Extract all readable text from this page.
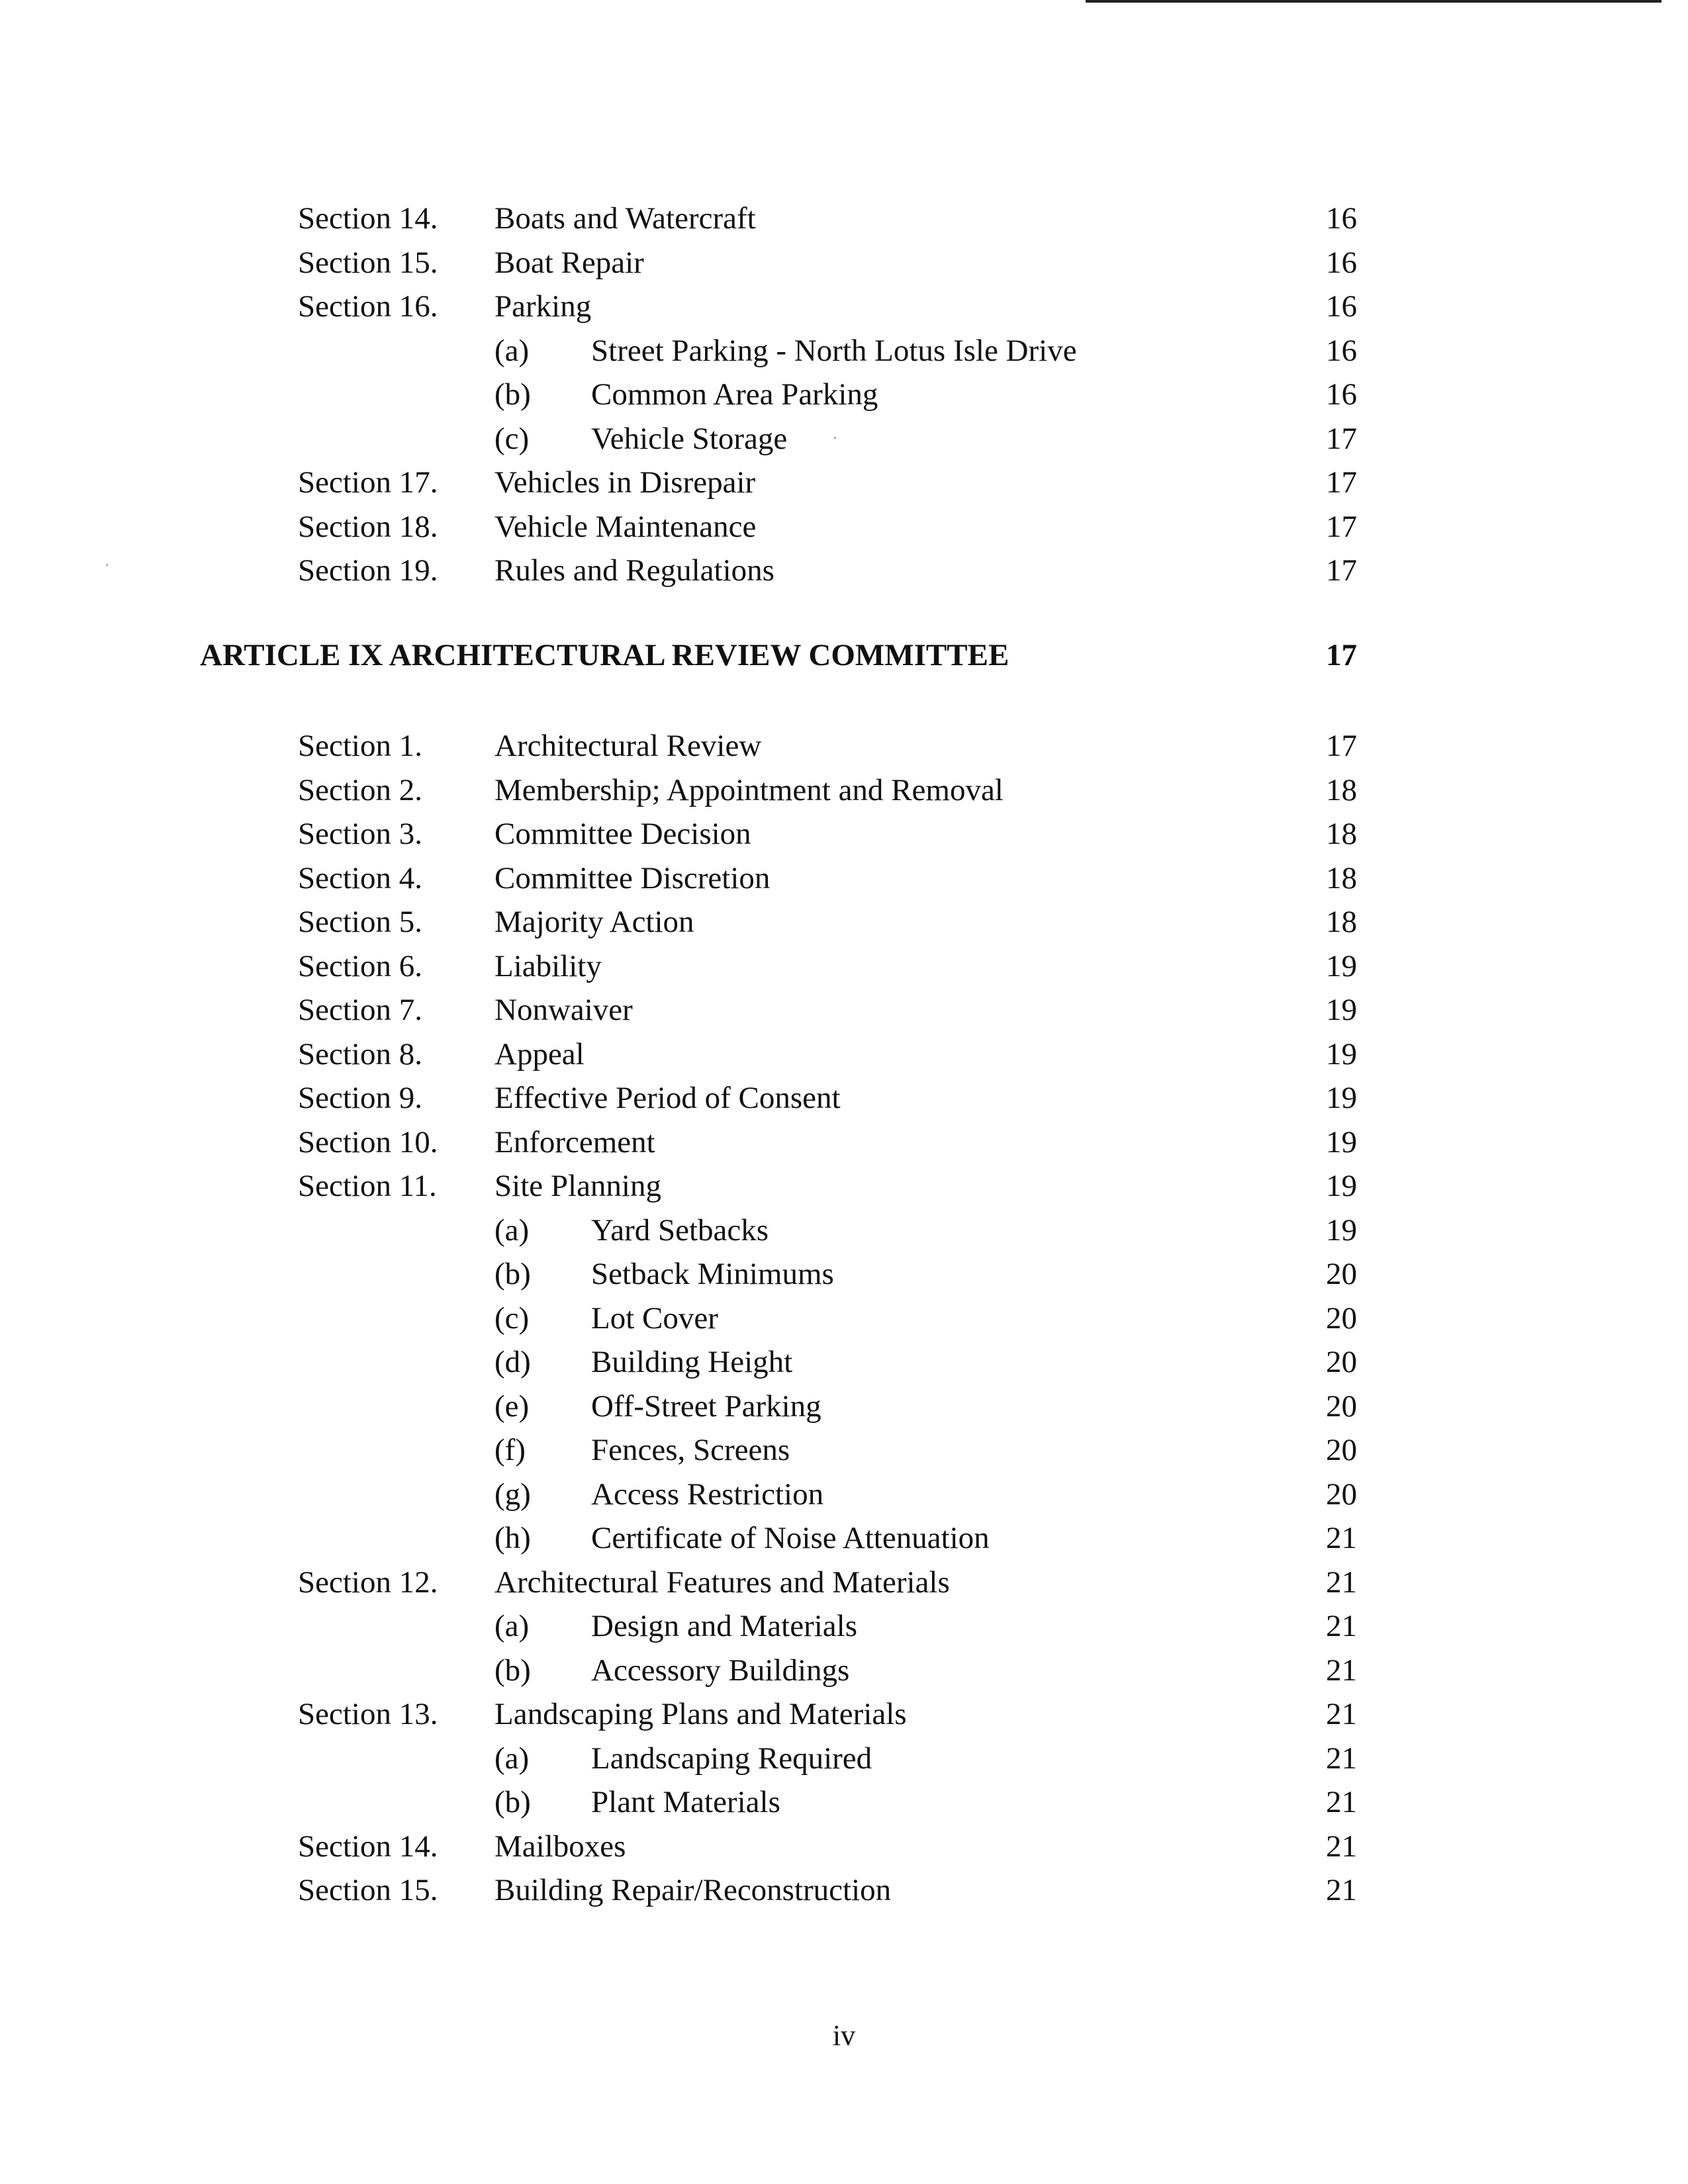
Section 14. Boats and Watercraft	16
Section 15. Boat Repair	16
Section 16. Parking	16
(a) Street Parking - North Lotus Isle Drive	16
(b) Common Area Parking	16
(c) Vehicle Storage	17
Section 17. Vehicles in Disrepair	17
Section 18. Vehicle Maintenance	17
Section 19. Rules and Regulations	17
ARTICLE IX ARCHITECTURAL REVIEW COMMITTEE	17
Section 1. Architectural Review	17
Section 2. Membership; Appointment and Removal	18
Section 3. Committee Decision	18
Section 4. Committee Discretion	18
Section 5. Majority Action	18
Section 6. Liability	19
Section 7. Nonwaiver	19
Section 8. Appeal	19
Section 9. Effective Period of Consent	19
Section 10. Enforcement	19
Section 11. Site Planning	19
(a) Yard Setbacks	19
(b) Setback Minimums	20
(c) Lot Cover	20
(d) Building Height	20
(e) Off-Street Parking	20
(f) Fences, Screens	20
(g) Access Restriction	20
(h) Certificate of Noise Attenuation	21
Section 12. Architectural Features and Materials	21
(a) Design and Materials	21
(b) Accessory Buildings	21
Section 13. Landscaping Plans and Materials	21
(a) Landscaping Required	21
(b) Plant Materials	21
Section 14. Mailboxes	21
Section 15. Building Repair/Reconstruction	21
iv
